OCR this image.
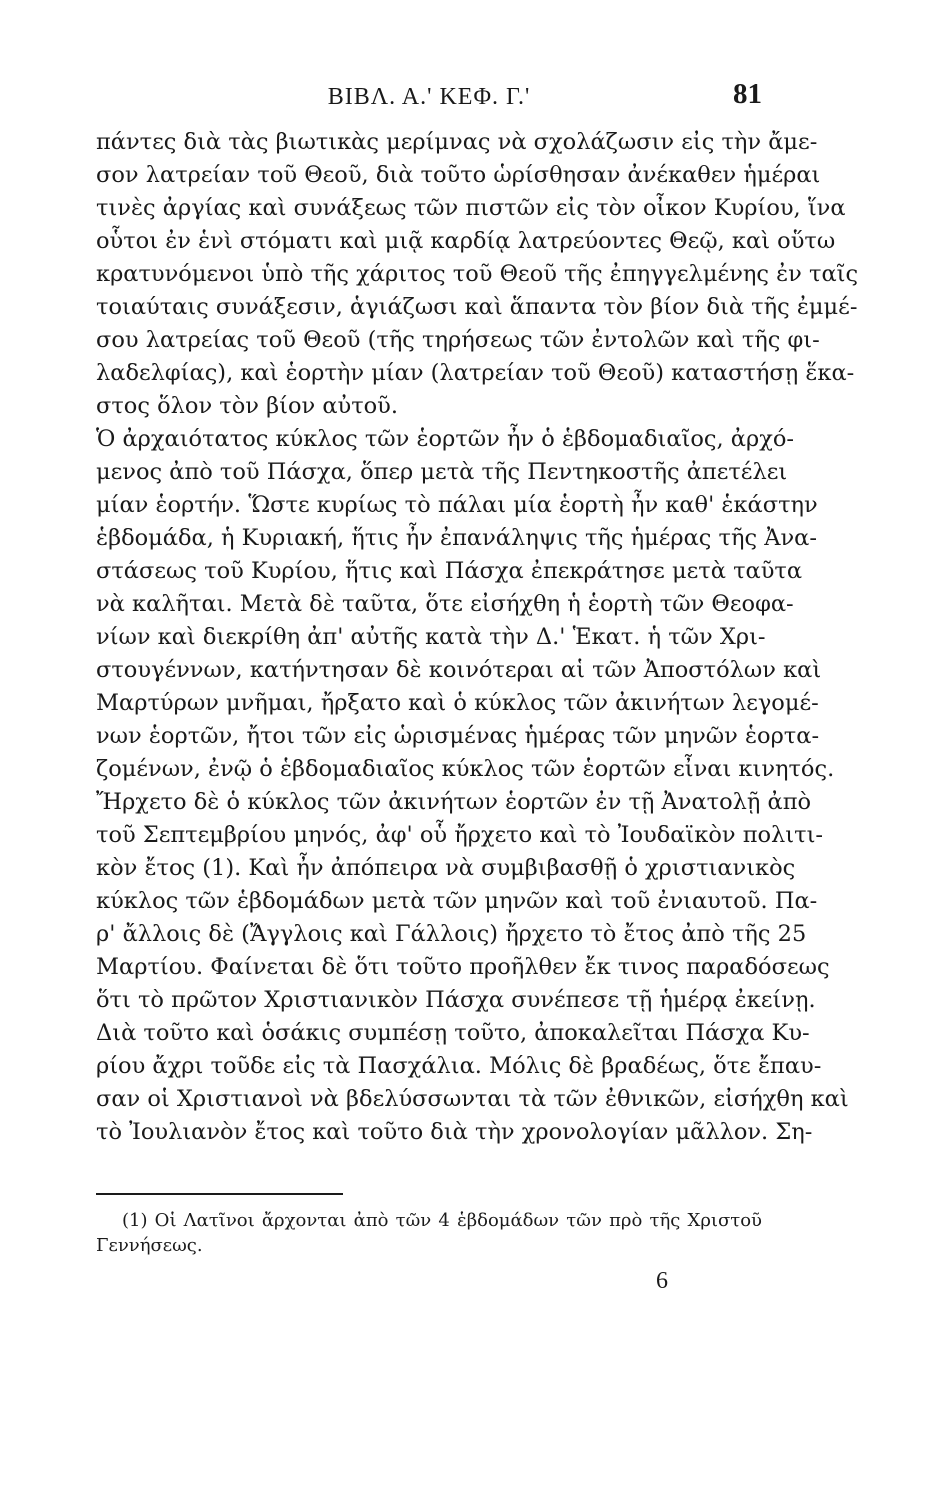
ΒΙΒΛ. Α.' ΚΕΦ. Γ.'	81
πάντες διὰ τὰς βιωτικὰς μερίμνας νὰ σχολάζωσιν εἰς τὴν ἄμε-
σον λατρείαν τοῦ Θεοῦ, διὰ τοῦτο ὡρίσθησαν ἀνέκαθεν ἡμέραι
τινὲς ἀργίας καὶ συνάξεως τῶν πιστῶν εἰς τὸν οἶκον Κυρίου, ἵνα
οὗτοι ἐν ἑνὶ στόματι καὶ μιᾷ καρδίᾳ λατρεύοντες Θεῷ, καὶ οὕτω
κρατυνόμενοι ὑπὸ τῆς χάριτος τοῦ Θεοῦ τῆς ἐπηγγελμένης ἐν ταῖς
τοιαύταις συνάξεσιν, ἁγιάζωσι καὶ ἅπαντα τὸν βίον διὰ τῆς ἐμμέ-
σου λατρείας τοῦ Θεοῦ (τῆς τηρήσεως τῶν ἐντολῶν καὶ τῆς φι-
λαδελφίας), καὶ ἑορτὴν μίαν (λατρείαν τοῦ Θεοῦ) καταστήσῃ ἕκα-
στος ὅλον τὸν βίον αὐτοῦ.
Ὁ ἀρχαιότατος κύκλος τῶν ἑορτῶν ἦν ὁ ἑβδομαδιαῖος, ἀρχό-
μενος ἀπὸ τοῦ Πάσχα, ὅπερ μετὰ τῆς Πεντηκοστῆς ἀπετέλει
μίαν ἑορτήν. Ὥστε κυρίως τὸ πάλαι μία ἑορτὴ ἦν καθ' ἑκάστην
ἑβδομάδα, ἡ Κυριακή, ἥτις ἦν ἐπανάληψις τῆς ἡμέρας τῆς Ἀνα-
στάσεως τοῦ Κυρίου, ἥτις καὶ Πάσχα ἐπεκράτησε μετὰ ταῦτα
νὰ καλῆται. Μετὰ δὲ ταῦτα, ὅτε εἰσήχθη ἡ ἑορτὴ τῶν Θεοφα-
νίων καὶ διεκρίθη ἀπ' αὐτῆς κατὰ τὴν Δ.' Ἑκατ. ἡ τῶν Χρι-
στουγέννων, κατήντησαν δὲ κοινότεραι αἱ τῶν Ἀποστόλων καὶ
Μαρτύρων μνῆμαι, ἤρξατο καὶ ὁ κύκλος τῶν ἀκινήτων λεγομέ-
νων ἑορτῶν, ἤτοι τῶν εἰς ὡρισμένας ἡμέρας τῶν μηνῶν ἑορτα-
ζομένων, ἐνῷ ὁ ἑβδομαδιαῖος κύκλος τῶν ἑορτῶν εἶναι κινητός.
Ἤρχετο δὲ ὁ κύκλος τῶν ἀκινήτων ἑορτῶν ἐν τῇ Ἀνατολῇ ἀπὸ
τοῦ Σεπτεμβρίου μηνός, ἀφ' οὗ ἤρχετο καὶ τὸ Ἰουδαϊκὸν πολιτι-
κὸν ἔτος (1). Καὶ ἦν ἀπόπειρα νὰ συμβιβασθῇ ὁ χριστιανικὸς
κύκλος τῶν ἑβδομάδων μετὰ τῶν μηνῶν καὶ τοῦ ἐνιαυτοῦ. Πα-
ρ' ἄλλοις δὲ (Ἄγγλοις καὶ Γάλλοις) ἤρχετο τὸ ἔτος ἀπὸ τῆς 25
Μαρτίου. Φαίνεται δὲ ὅτι τοῦτο προῆλθεν ἔκ τινος παραδόσεως
ὅτι τὸ πρῶτον Χριστιανικὸν Πάσχα συνέπεσε τῇ ἡμέρᾳ ἐκείνῃ.
Διὰ τοῦτο καὶ ὁσάκις συμπέσῃ τοῦτο, ἀποκαλεῖται Πάσχα Κυ-
ρίου ἄχρι τοῦδε εἰς τὰ Πασχάλια. Μόλις δὲ βραδέως, ὅτε ἔπαυ-
σαν οἱ Χριστιανοὶ νὰ βδελύσσωνται τὰ τῶν ἐθνικῶν, εἰσήχθη καὶ
τὸ Ἰουλιανὸν ἔτος καὶ τοῦτο διὰ τὴν χρονολογίαν μᾶλλον. Ση-
(1) Οἱ Λατῖνοι ἄρχονται ἀπὸ τῶν 4 ἑβδομάδων τῶν πρὸ τῆς Χριστοῦ
Γεννήσεως.
6
